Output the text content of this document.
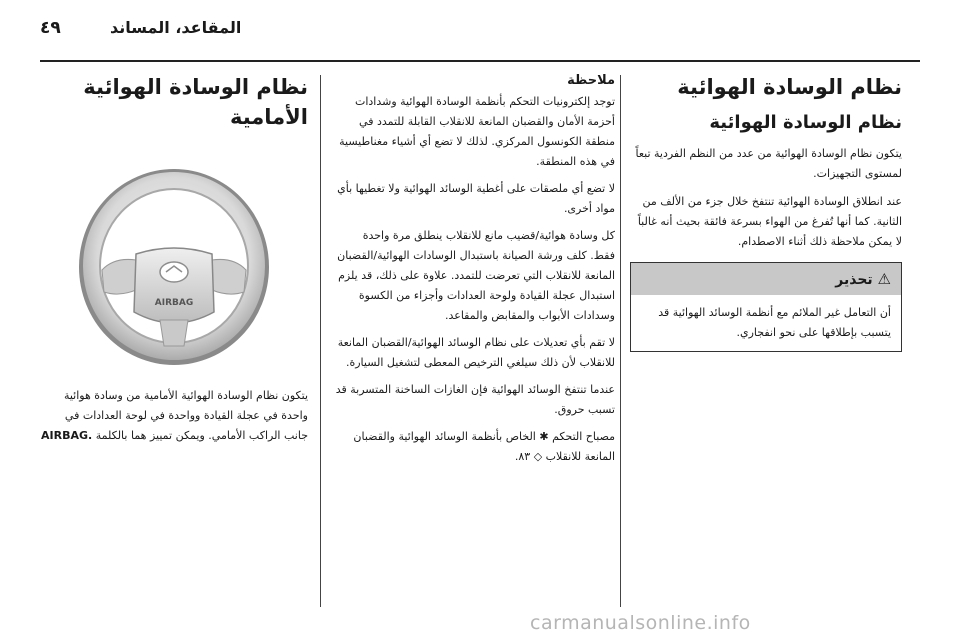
٤٩	المقاعد، المساند
نظام الوسادة الهوائية
نظام الوسادة الهوائية

يتكون نظام الوسادة الهوائية من عدد من النظم الفردية تبعاً لمستوى التجهيزات.

عند انطلاق الوسادة الهوائية تنتفخ خلال جزء من الألف من الثانية. كما أنها تُفرغ من الهواء بسرعة فائقة بحيث أنه غالباً لا يمكن ملاحظة ذلك أثناء الاصطدام.

⚠ تحذير

أن التعامل غير الملائم مع أنظمة الوسائد الهوائية قد يتسبب بإطلاقها على نحو انفجاري.

ملاحظة

توجد إلكترونيات التحكم بأنظمة الوسادة الهوائية وشدادات أحزمة الأمان والقضبان المانعة للانقلاب القابلة للتمدد في منطقة الكونسول المركزي. لذلك لا تضع أي أشياء مغناطيسية في هذه المنطقة.

لا تضع أي ملصقات على أغطية الوسائد الهوائية ولا تغطيها بأي مواد أخرى.

كل وسادة هوائية/قضيب مانع للانقلاب ينطلق مرة واحدة فقط. كلف ورشة الصيانة باستبدال الوسادات الهوائية/القضبان المانعة للانقلاب التي تعرضت للتمدد. علاوة على ذلك، قد يلزم استبدال عجلة القيادة ولوحة العدادات وأجزاء من الكسوة وسدادات الأبواب والمقابض والمقاعد.

لا تقم بأي تعديلات على نظام الوسائد الهوائية/القضبان المانعة للانقلاب لأن ذلك سيلغي الترخيص المعطى لتشغيل السيارة.

عندما تنتفخ الوسائد الهوائية فإن الغازات الساخنة المتسربة قد تسبب حروق.

مصباح التحكم ✱ الخاص بأنظمة الوسائد الهوائية والقضبان المانعة للانقلاب ◇ ٨٣.

نظام الوسادة الهوائية الأمامية
AIRBAG

يتكون نظام الوسادة الهوائية الأمامية من وسادة هوائية واحدة في عجلة القيادة وواحدة في لوحة العدادات في جانب الراكب الأمامي. ويمكن تمييز هما بالكلمة AIRBAG.

carmanualsonline.info
